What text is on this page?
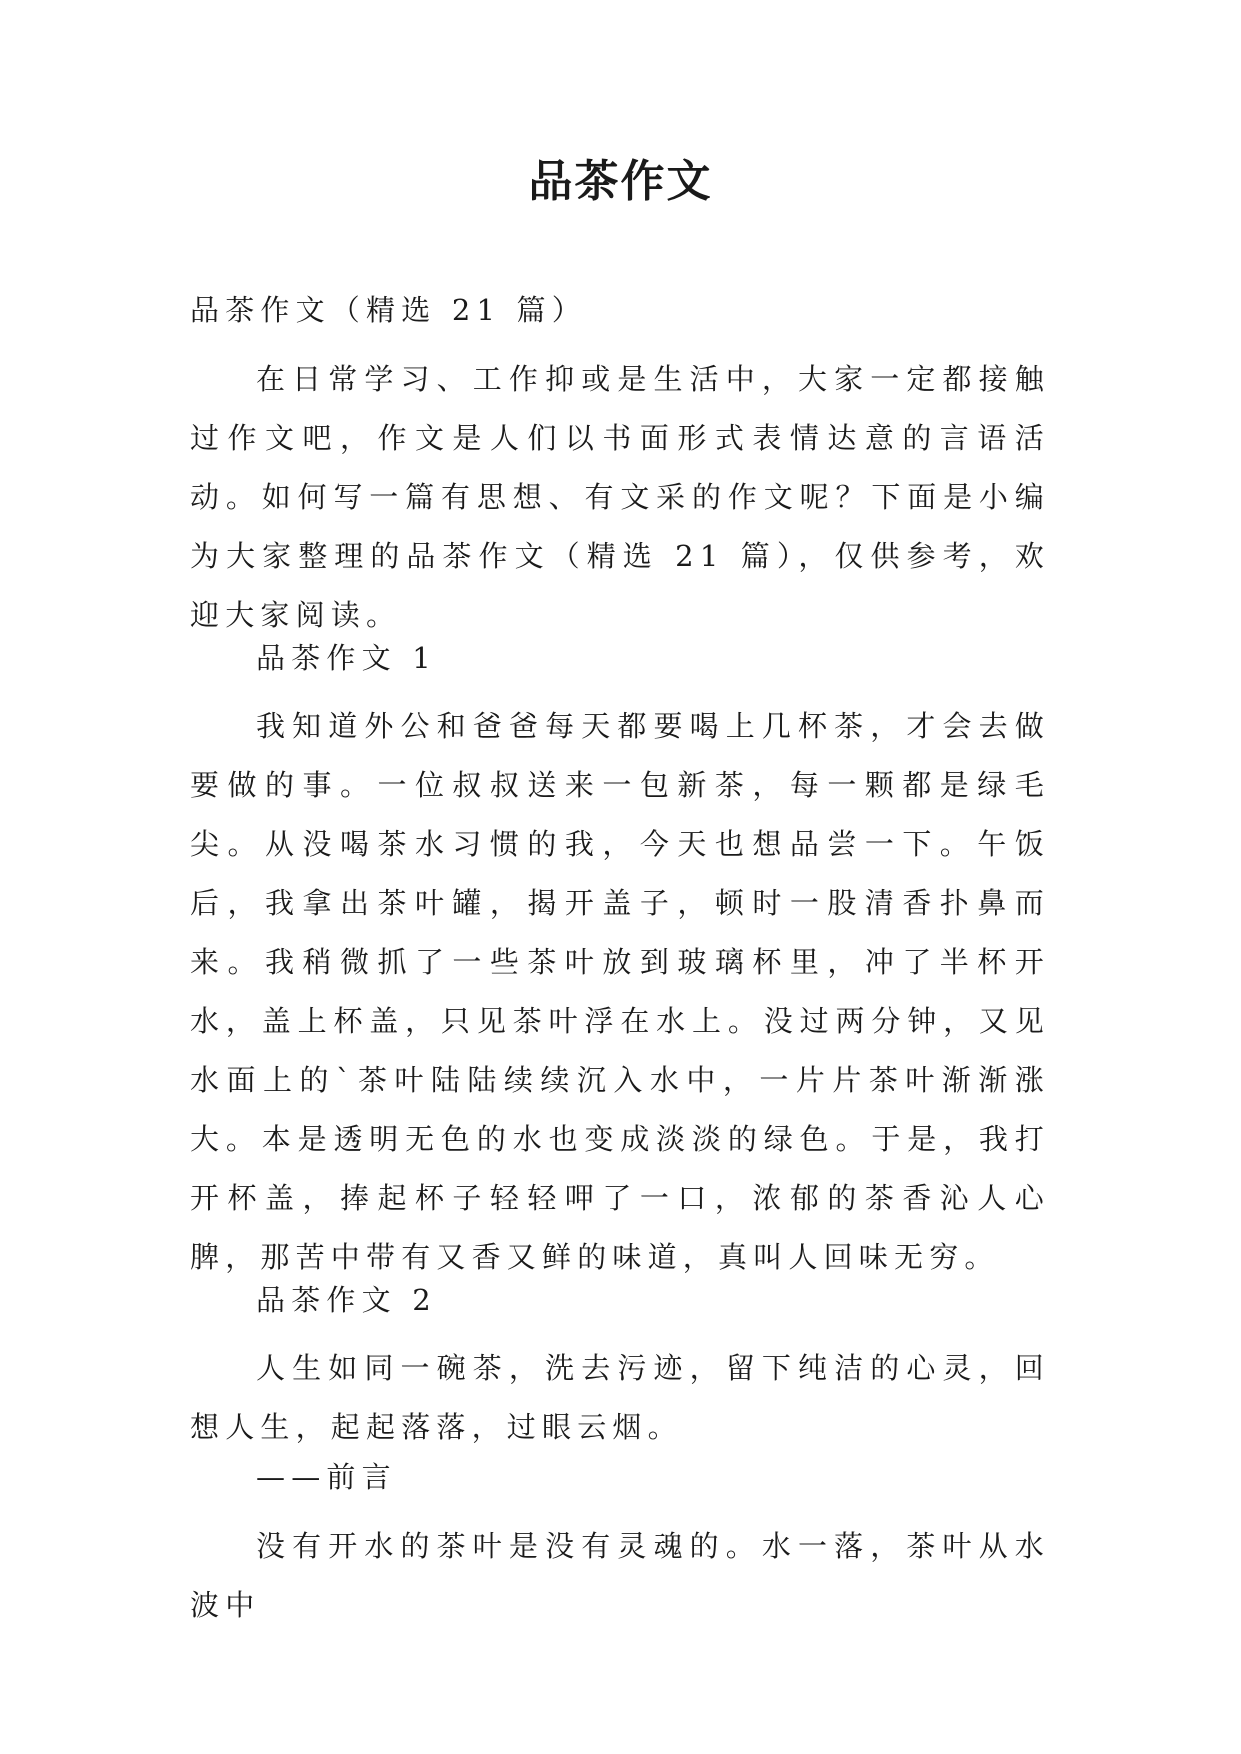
品茶作文

品茶作文（精选 21 篇）

在日常学习、工作抑或是生活中，大家一定都接触过作文吧，作文是人们以书面形式表情达意的言语活动。如何写一篇有思想、有文采的作文呢？下面是小编为大家整理的品茶作文（精选 21 篇），仅供参考，欢迎大家阅读。

品茶作文 1

我知道外公和爸爸每天都要喝上几杯茶，才会去做要做的事。一位叔叔送来一包新茶，每一颗都是绿毛尖。从没喝茶水习惯的我，今天也想品尝一下。午饭后，我拿出茶叶罐，揭开盖子，顿时一股清香扑鼻而来。我稍微抓了一些茶叶放到玻璃杯里，冲了半杯开水，盖上杯盖，只见茶叶浮在水上。没过两分钟，又见水面上的`茶叶陆陆续续沉入水中，一片片茶叶渐渐涨大。本是透明无色的水也变成淡淡的绿色。于是，我打开杯盖，捧起杯子轻轻呷了一口，浓郁的茶香沁人心脾，那苦中带有又香又鲜的味道，真叫人回味无穷。

品茶作文 2

人生如同一碗茶，洗去污迹，留下纯洁的心灵，回想人生，起起落落，过眼云烟。

——前言

没有开水的茶叶是没有灵魂的。水一落，茶叶从水波中
